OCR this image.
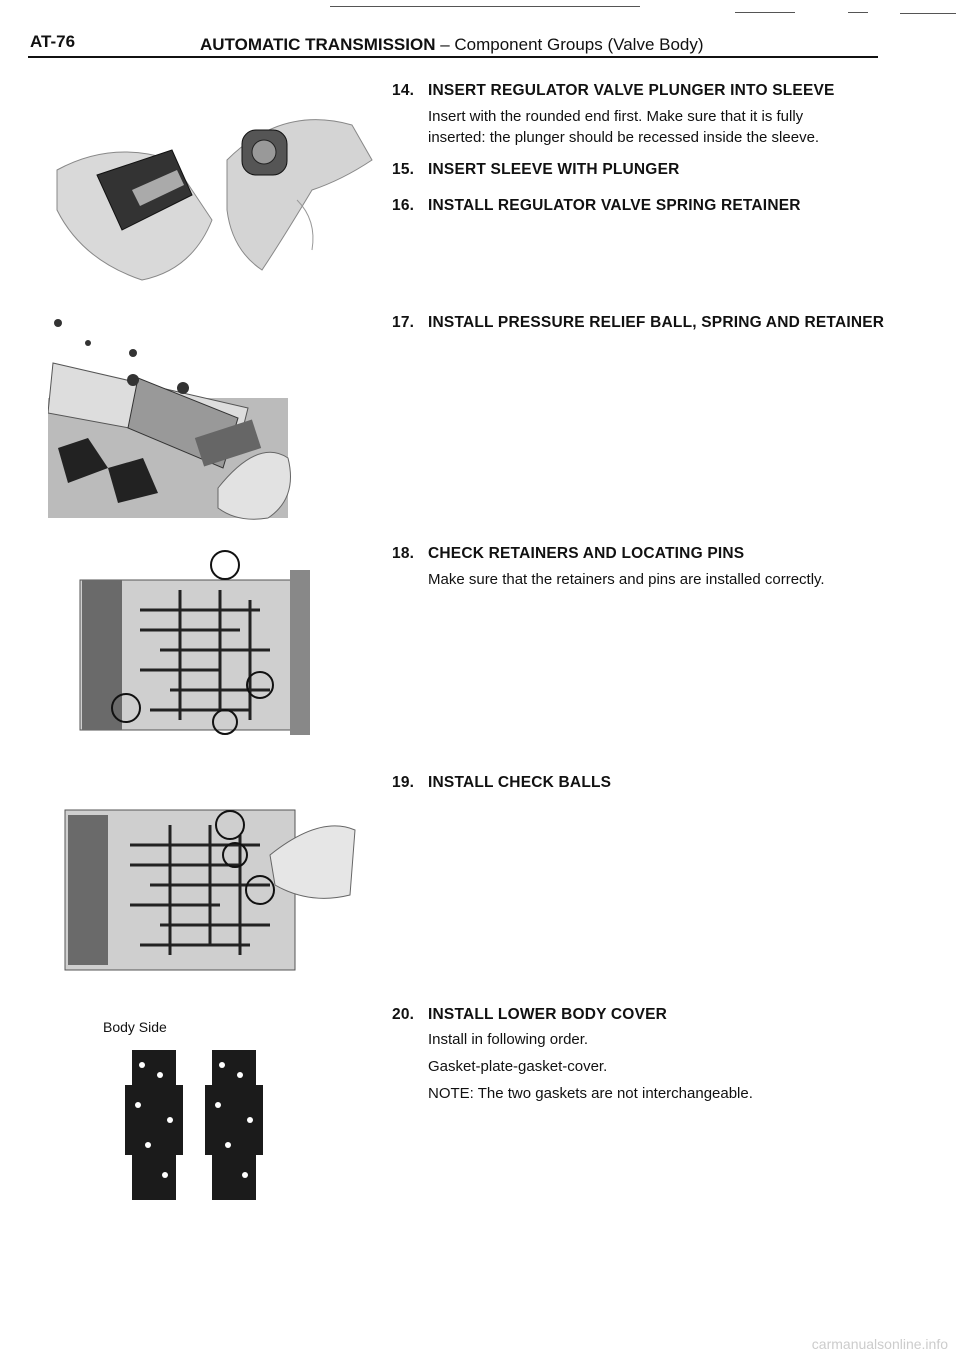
AT-76	AUTOMATIC TRANSMISSION – Component Groups (Valve Body)
14. INSERT REGULATOR VALVE PLUNGER INTO SLEEVE
Insert with the rounded end first. Make sure that it is fully
inserted: the plunger should be recessed inside the sleeve.
15. INSERT SLEEVE WITH PLUNGER
16. INSTALL REGULATOR VALVE SPRING RETAINER
17. INSTALL PRESSURE RELIEF BALL, SPRING AND RETAINER
18. CHECK RETAINERS AND LOCATING PINS
Make sure that the retainers and pins are installed correctly.
19. INSTALL CHECK BALLS
20. INSTALL LOWER BODY COVER
Install in following order.
Gasket-plate-gasket-cover.
NOTE: The two gaskets are not interchangeable.
Body Side
carmanualsonline.info
